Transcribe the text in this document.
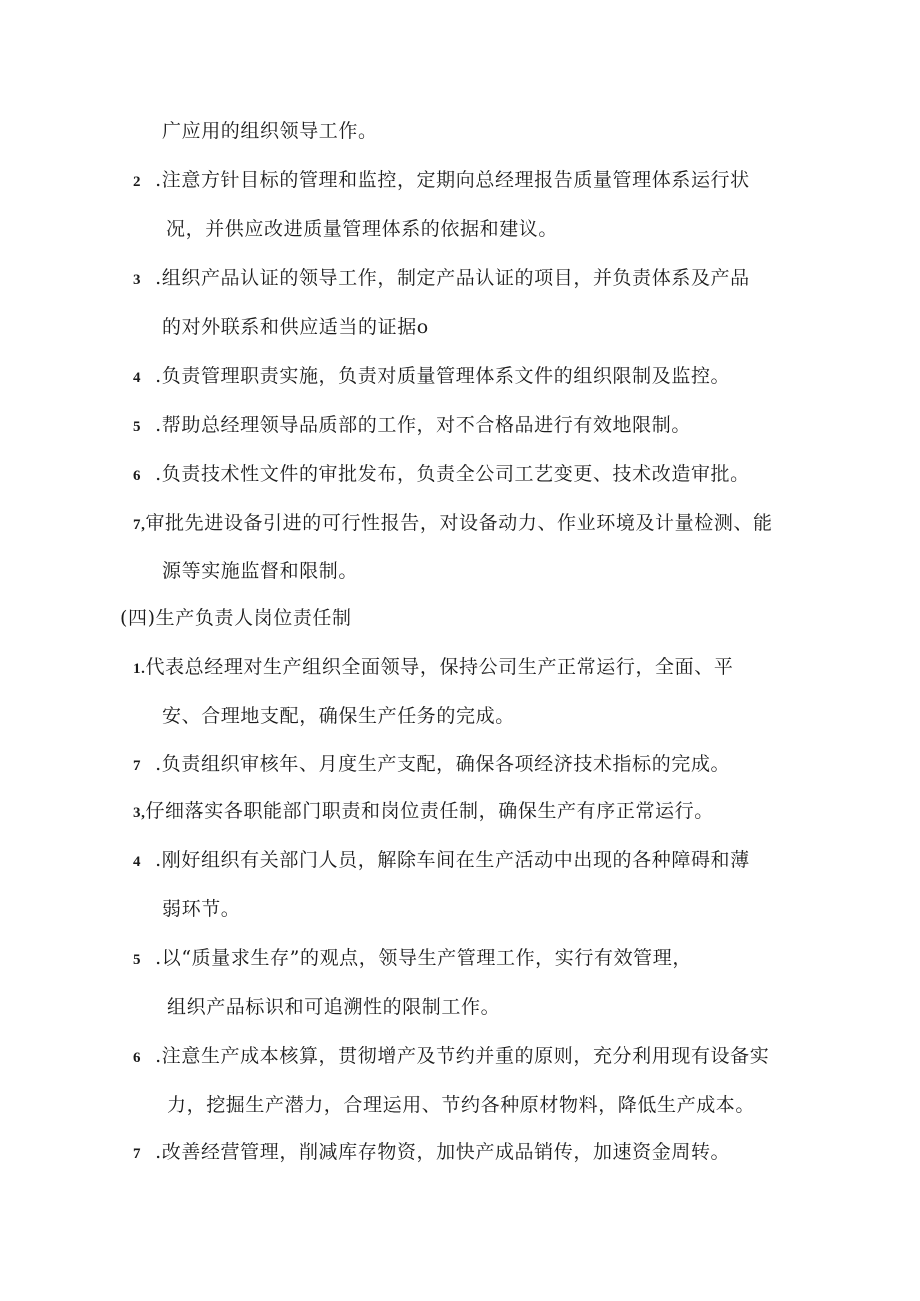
广应用的组织领导工作。
2 .注意方针目标的管理和监控，定期向总经理报告质量管理体系运行状
况，并供应改进质量管理体系的依据和建议。
3 .组织产品认证的领导工作，制定产品认证的项目，并负责体系及产品
的对外联系和供应适当的证据o
4 .负责管理职责实施，负责对质量管理体系文件的组织限制及监控。
5 .帮助总经理领导品质部的工作，对不合格品进行有效地限制。
6 .负责技术性文件的审批发布，负责全公司工艺变更、技术改造审批。
7,审批先进设备引进的可行性报告，对设备动力、作业环境及计量检测、能
源等实施监督和限制。
(四)生产负责人岗位责任制
1.代表总经理对生产组织全面领导，保持公司生产正常运行，全面、平
安、合理地支配，确保生产任务的完成。
7 .负责组织审核年、月度生产支配，确保各项经济技术指标的完成。
3,仔细落实各职能部门职责和岗位责任制，确保生产有序正常运行。
4 .刚好组织有关部门人员，解除车间在生产活动中出现的各种障碍和薄
弱环节。
5 .以“质量求生存”的观点，领导生产管理工作，实行有效管理，
组织产品标识和可追溯性的限制工作。
6 .注意生产成本核算，贯彻增产及节约并重的原则，充分利用现有设备实
力，挖掘生产潜力，合理运用、节约各种原材物料，降低生产成本。
7 .改善经营管理，削减库存物资，加快产成品销传，加速资金周转。
